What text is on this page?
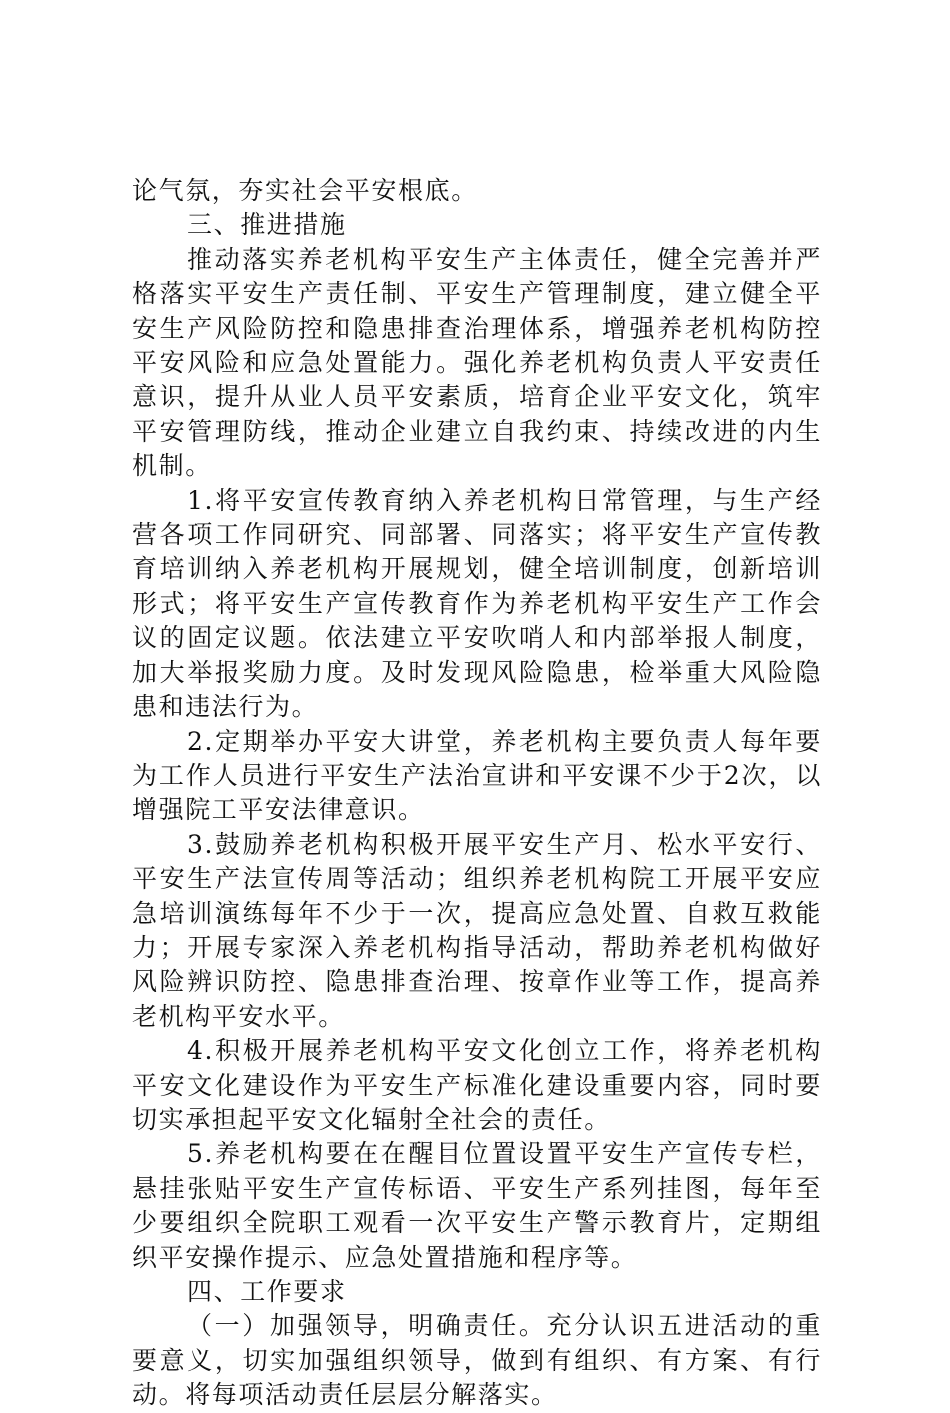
论气氛，夯实社会平安根底。

三、推进措施

推动落实养老机构平安生产主体责任，健全完善并严格落实平安生产责任制、平安生产管理制度，建立健全平安生产风险防控和隐患排查治理体系，增强养老机构防控平安风险和应急处置能力。强化养老机构负责人平安责任意识，提升从业人员平安素质，培育企业平安文化，筑牢平安管理防线，推动企业建立自我约束、持续改进的内生机制。

1.将平安宣传教育纳入养老机构日常管理，与生产经营各项工作同研究、同部署、同落实；将平安生产宣传教育培训纳入养老机构开展规划，健全培训制度，创新培训形式；将平安生产宣传教育作为养老机构平安生产工作会议的固定议题。依法建立平安吹哨人和内部举报人制度，加大举报奖励力度。及时发现风险隐患，检举重大风险隐患和违法行为。

2.定期举办平安大讲堂，养老机构主要负责人每年要为工作人员进行平安生产法治宣讲和平安课不少于2次，以增强院工平安法律意识。

3.鼓励养老机构积极开展平安生产月、松水平安行、平安生产法宣传周等活动；组织养老机构院工开展平安应急培训演练每年不少于一次，提高应急处置、自救互救能力；开展专家深入养老机构指导活动，帮助养老机构做好风险辨识防控、隐患排查治理、按章作业等工作，提高养老机构平安水平。

4.积极开展养老机构平安文化创立工作，将养老机构平安文化建设作为平安生产标准化建设重要内容，同时要切实承担起平安文化辐射全社会的责任。

5.养老机构要在在醒目位置设置平安生产宣传专栏，悬挂张贴平安生产宣传标语、平安生产系列挂图，每年至少要组织全院职工观看一次平安生产警示教育片，定期组织平安操作提示、应急处置措施和程序等。

四、工作要求

（一）加强领导，明确责任。充分认识五进活动的重要意义，切实加强组织领导，做到有组织、有方案、有行动。将每项活动责任层层分解落实。
